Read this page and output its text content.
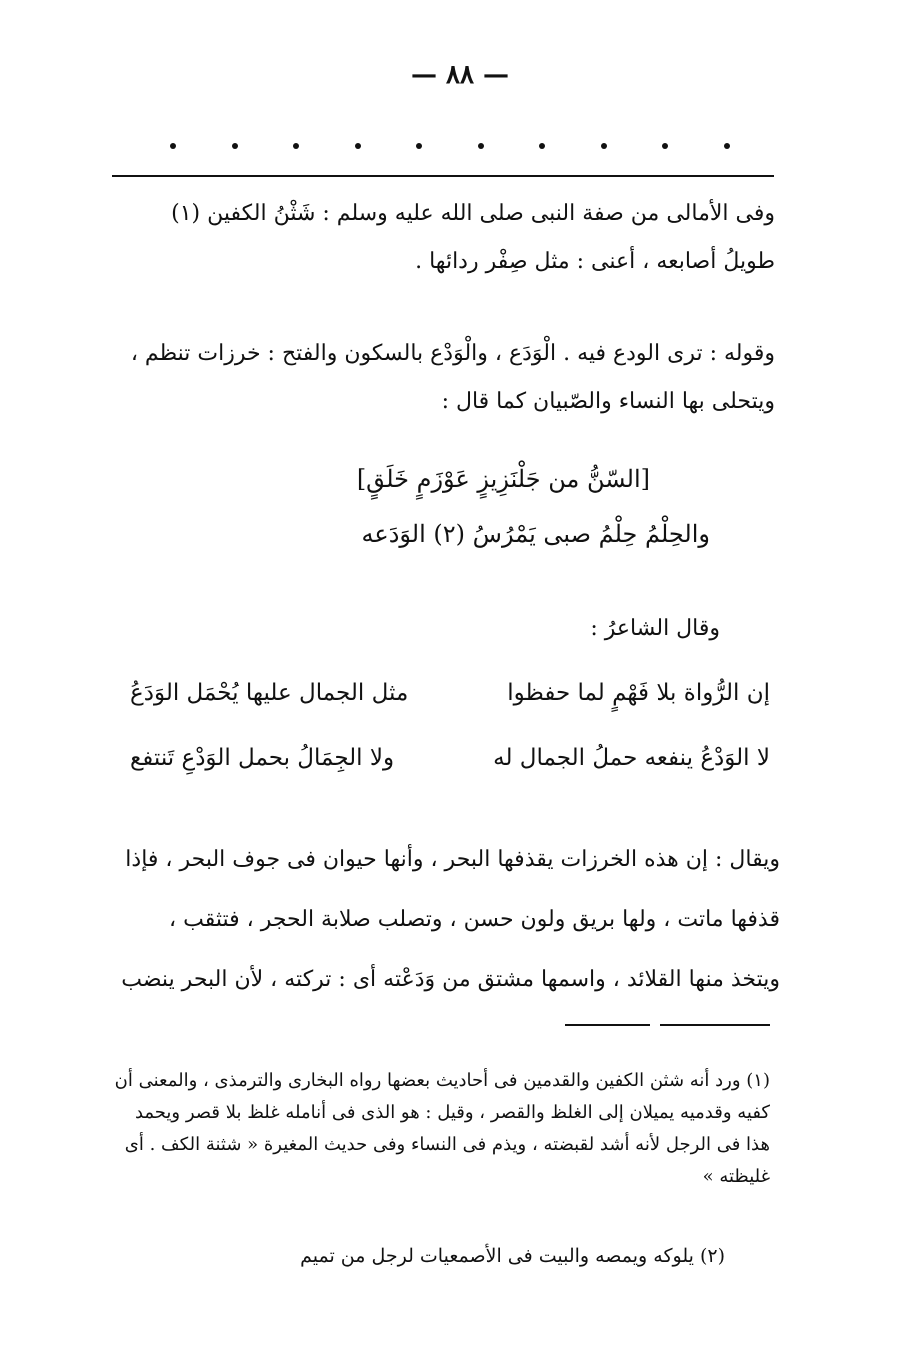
— ٨٨ —

وفى الأمالى من صفة النبى صلى الله عليه وسلم : شَثْنُ الكفين (١) طويلُ أصابعه ، أعنى : مثل صِفْر ردائها .

وقوله : ترى الودع فيه . الْوَدَع ، والْوَدْع بالسكون والفتح : خرزات تنظم ، ويتحلى بها النساء والصّبيان كما قال :

[السّنُّ من جَلْنَزِيزٍ عَوْزَمٍ خَلَقٍ]

والحِلْمُ حِلْمُ صبى يَمْرُسُ (٢) الوَدَعه

وقال الشاعرُ :

إن الرُّواة بلا فَهْمٍ لما حفظوا
مثل الجمال عليها يُحْمَل الوَدَعُ
لا الوَدْعُ ينفعه حملُ الجمال له
ولا الجِمَالُ بحمل الوَدْعِ تَنتفع

ويقال : إن هذه الخرزات يقذفها البحر ، وأنها حيوان فى جوف البحر ، فإذا قذفها ماتت ، ولها بريق ولون حسن ، وتصلب صلابة الحجر ، فتثقب ، ويتخذ منها القلائد ، واسمها مشتق من وَدَعْته أى : تركته ، لأن البحر ينضب

(١) ورد أنه شثن الكفين والقدمين فى أحاديث بعضها رواه البخارى والترمذى ، والمعنى أن كفيه وقدميه يميلان إلى الغلظ والقصر ، وقيل : هو الذى فى أنامله غلظ بلا قصر ويحمد هذا فى الرجل لأنه أشد لقبضته ، ويذم فى النساء وفى حديث المغيرة « شثنة الكف . أى غليظته »
(٢) يلوكه ويمصه والبيت فى الأصمعيات لرجل من تميم
